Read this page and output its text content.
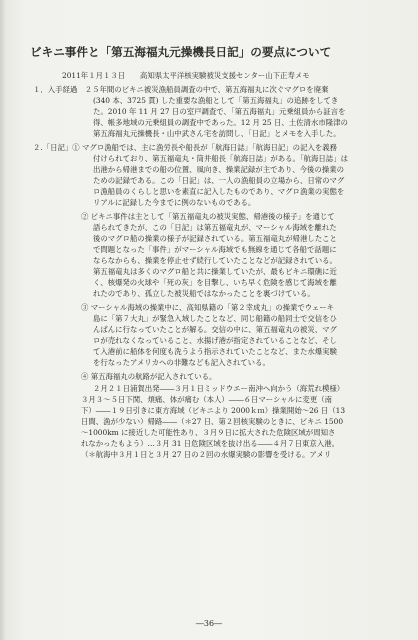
ビキニ事件と「第五海福丸元操機長日記」の要点について
2011年１月１３日　　高知県太平洋核実験被災支援センター山下正寿メモ
１．入手経過　２５年間のビキニ被災漁船員調査の中で、第五海福丸に次ぐマグロを廃棄
(340 本、3725 貫) した重要な漁船として「第五海福丸」の追跡をしてき
た。2010 年 11 月 27 日の室戸調査で、「第五海福丸」元乗組員から証言を
得、帳多地域の元乗組員の調査中であった。12 月 25 日、土佐清水市隆津の
第五海福丸元操機長・山中武さん宅を訪問し、「日記」とメモを入手した。
２.「日記」① マグロ漁船では、主に漁労長や船長が「航海日誌」「航海日記」の記入を義務
付けられており、第五福竜丸・筒井船長「航海日誌」がある。「航海日誌」は
出港から帰港までの船の位置、風向き、操業記録が主であり、今後の操業の
ための記録である。この「日記」は、一人の漁船員の立場から、日常のマグ
ロ漁船員のくらしと思いを素直に記入したものであり、マグロ漁業の実態を
リアルに記録した今までに例のないものである。
② ビキニ事件は主として「第五福竜丸の被災実態、帰港後の様子」を通じて
語られてきたが、この「日記」は第五福竜丸が、マーシャル海域を離れた
後のマグロ船の操業の様子が記録されている。第五福竜丸が帰港したこと
で問題となった「事件」がマーシャル海域でも無線を通じて各船で話題に
ならなからも、操業を停止せず続行していたことなどが記録されている。
第五福竜丸は多くのマグロ船と共に操業していたが、最もビキニ環礁に近
く、核爆発の火球や「死の灰」を目撃し、いち早く危険を感じて海域を離
れたのであり、孤立した被災船ではなかったことを裏づけている。
③ マーシャル海域の操業中に、高知県籍の「第２幸成丸」の操業でウェーキ
島に「第７大丸」が緊急入域したことなど、同じ船籍の船同士で交信をひ
んぱんに行なっていたことが解る。交信の中に、第五福竜丸の被災、マグ
ロが売れなくなっていること、水揚げ港が指定されていることなど、そし
て入港前に船体を何度も洗うよう指示されていたことなど、また水爆実験
を行なったアメリカへの非難なども記入されている。
④ 第五海福丸の航路が記入されている。
２月２１日浦賀出発――３月１日ミッドウエー南沖へ向かう（海荒れ模様）
３月３～５日下関、煩痛、体が痛む（本人）――６日マーシャルに変更（南
下）――１９日引きに東方海域（ビキニより 2000ｋｍ）操業開始～26 日（13
日間、漁が少ない）帰路――（＊27 日、第２回核実験のときに、ビキニ 1500
～1000km に接近した可能性あり、３月９日に拡大された危険区域が周知さ
れなかったもよう）…３月 31 日危険区域を抜け出る――４月７日東京入港。
（＊航海中３月１日と３月 27 日の２回の水爆実験の影響を受ける。アメリ
―36―
